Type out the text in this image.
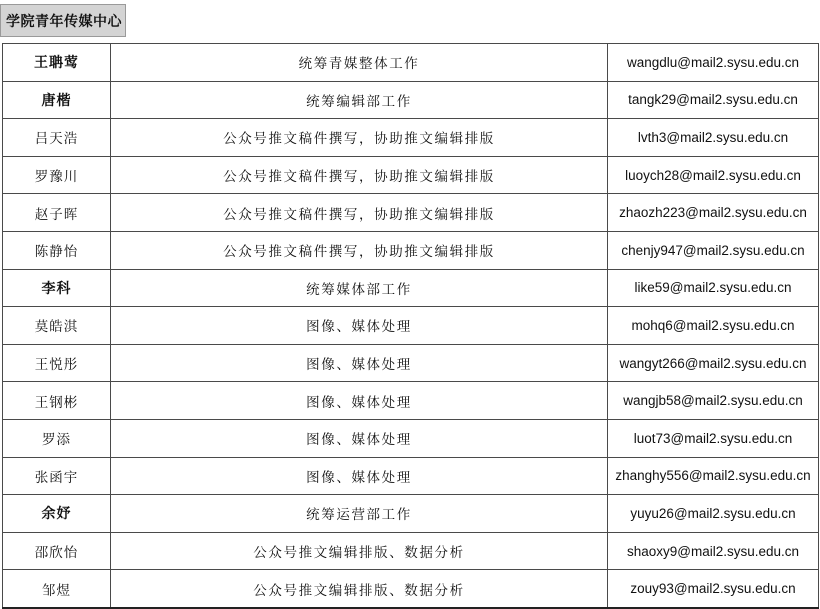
学院青年传媒中心
王聃莺	统筹青媒整体工作	wangdlu@mail2.sysu.edu.cn
唐楷	统筹编辑部工作	tangk29@mail2.sysu.edu.cn
吕天浩	公众号推文稿件撰写，协助推文编辑排版	lvth3@mail2.sysu.edu.cn
罗豫川	公众号推文稿件撰写，协助推文编辑排版	luoych28@mail2.sysu.edu.cn
赵子晖	公众号推文稿件撰写，协助推文编辑排版	zhaozh223@mail2.sysu.edu.cn
陈静怡	公众号推文稿件撰写，协助推文编辑排版	chenjy947@mail2.sysu.edu.cn
李科	统筹媒体部工作	like59@mail2.sysu.edu.cn
莫皓淇	图像、媒体处理	mohq6@mail2.sysu.edu.cn
王悦彤	图像、媒体处理	wangyt266@mail2.sysu.edu.cn
王钢彬	图像、媒体处理	wangjb58@mail2.sysu.edu.cn
罗添	图像、媒体处理	luot73@mail2.sysu.edu.cn
张函宇	图像、媒体处理	zhanghy556@mail2.sysu.edu.cn
余妤	统筹运营部工作	yuyu26@mail2.sysu.edu.cn
邵欣怡	公众号推文编辑排版、数据分析	shaoxy9@mail2.sysu.edu.cn
邹煜	公众号推文编辑排版、数据分析	zouy93@mail2.sysu.edu.cn
